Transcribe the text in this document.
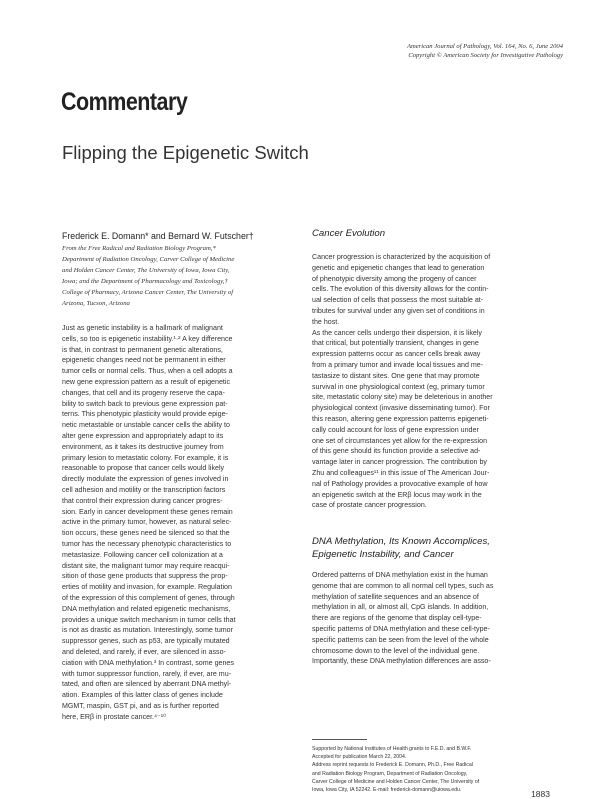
American Journal of Pathology, Vol. 164, No. 6, June 2004
Copyright © American Society for Investigative Pathology
Commentary
Flipping the Epigenetic Switch
Frederick E. Domann* and Bernard W. Futscher†
From the Free Radical and Radiation Biology Program,*
Department of Radiation Oncology, Carver College of Medicine
and Holden Cancer Center, The University of Iowa, Iowa City,
Iowa; and the Department of Pharmacology and Toxicology,†
College of Pharmacy, Arizona Cancer Center, The University of
Arizona, Tucson, Arizona
Just as genetic instability is a hallmark of malignant
cells, so too is epigenetic instability.¹·² A key difference
is that, in contrast to permanent genetic alterations,
epigenetic changes need not be permanent in either
tumor cells or normal cells. Thus, when a cell adopts a
new gene expression pattern as a result of epigenetic
changes, that cell and its progeny reserve the capa-
bility to switch back to previous gene expression pat-
terns. This phenotypic plasticity would provide epige-
netic metastable or unstable cancer cells the ability to
alter gene expression and appropriately adapt to its
environment, as it takes its destructive journey from
primary lesion to metastatic colony. For example, it is
reasonable to propose that cancer cells would likely
directly modulate the expression of genes involved in
cell adhesion and motility or the transcription factors
that control their expression during cancer progres-
sion. Early in cancer development these genes remain
active in the primary tumor, however, as natural selec-
tion occurs, these genes need be silenced so that the
tumor has the necessary phenotypic characteristics to
metastasize. Following cancer cell colonization at a
distant site, the malignant tumor may require reacqui-
sition of those gene products that suppress the prop-
erties of motility and invasion, for example. Regulation
of the expression of this complement of genes, through
DNA methylation and related epigenetic mechanisms,
provides a unique switch mechanism in tumor cells that
is not as drastic as mutation. Interestingly, some tumor
suppressor genes, such as p53, are typically mutated
and deleted, and rarely, if ever, are silenced in asso-
ciation with DNA methylation.³ In contrast, some genes
with tumor suppressor function, rarely, if ever, are mu-
tated, and often are silenced by aberrant DNA methyl-
ation. Examples of this latter class of genes include
MGMT, maspin, GST pi, and as is further reported
here, ERβ in prostate cancer.⁴⁻¹⁰
Cancer Evolution
Cancer progression is characterized by the acquisition of
genetic and epigenetic changes that lead to generation
of phenotypic diversity among the progeny of cancer
cells. The evolution of this diversity allows for the contin-
ual selection of cells that possess the most suitable at-
tributes for survival under any given set of conditions in
the host.
As the cancer cells undergo their dispersion, it is likely
that critical, but potentially transient, changes in gene
expression patterns occur as cancer cells break away
from a primary tumor and invade local tissues and me-
tastasize to distant sites. One gene that may promote
survival in one physiological context (eg, primary tumor
site, metastatic colony site) may be deleterious in another
physiological context (invasive disseminating tumor). For
this reason, altering gene expression patterns epigeneti-
cally could account for loss of gene expression under
one set of circumstances yet allow for the re-expression
of this gene should its function provide a selective ad-
vantage later in cancer progression. The contribution by
Zhu and colleagues¹¹ in this issue of The American Jour-
nal of Pathology provides a provocative example of how
an epigenetic switch at the ERβ locus may work in the
case of prostate cancer progression.
DNA Methylation, Its Known Accomplices,
Epigenetic Instability, and Cancer
Ordered patterns of DNA methylation exist in the human
genome that are common to all normal cell types, such as
methylation of satellite sequences and an absence of
methylation in all, or almost all, CpG islands. In addition,
there are regions of the genome that display cell-type-
specific patterns of DNA methylation and these cell-type-
specific patterns can be seen from the level of the whole
chromosome down to the level of the individual gene.
Importantly, these DNA methylation differences are asso-
Supported by National Institutes of Health grants to F.E.D. and B.W.F.
Accepted for publication March 22, 2004.
Address reprint requests to Frederick E. Domann, Ph.D., Free Radical
and Radiation Biology Program, Department of Radiation Oncology,
Carver College of Medicine and Holden Cancer Center, The University of
Iowa, Iowa City, IA 52242. E-mail: frederick-domann@uiowa.edu.	1883
